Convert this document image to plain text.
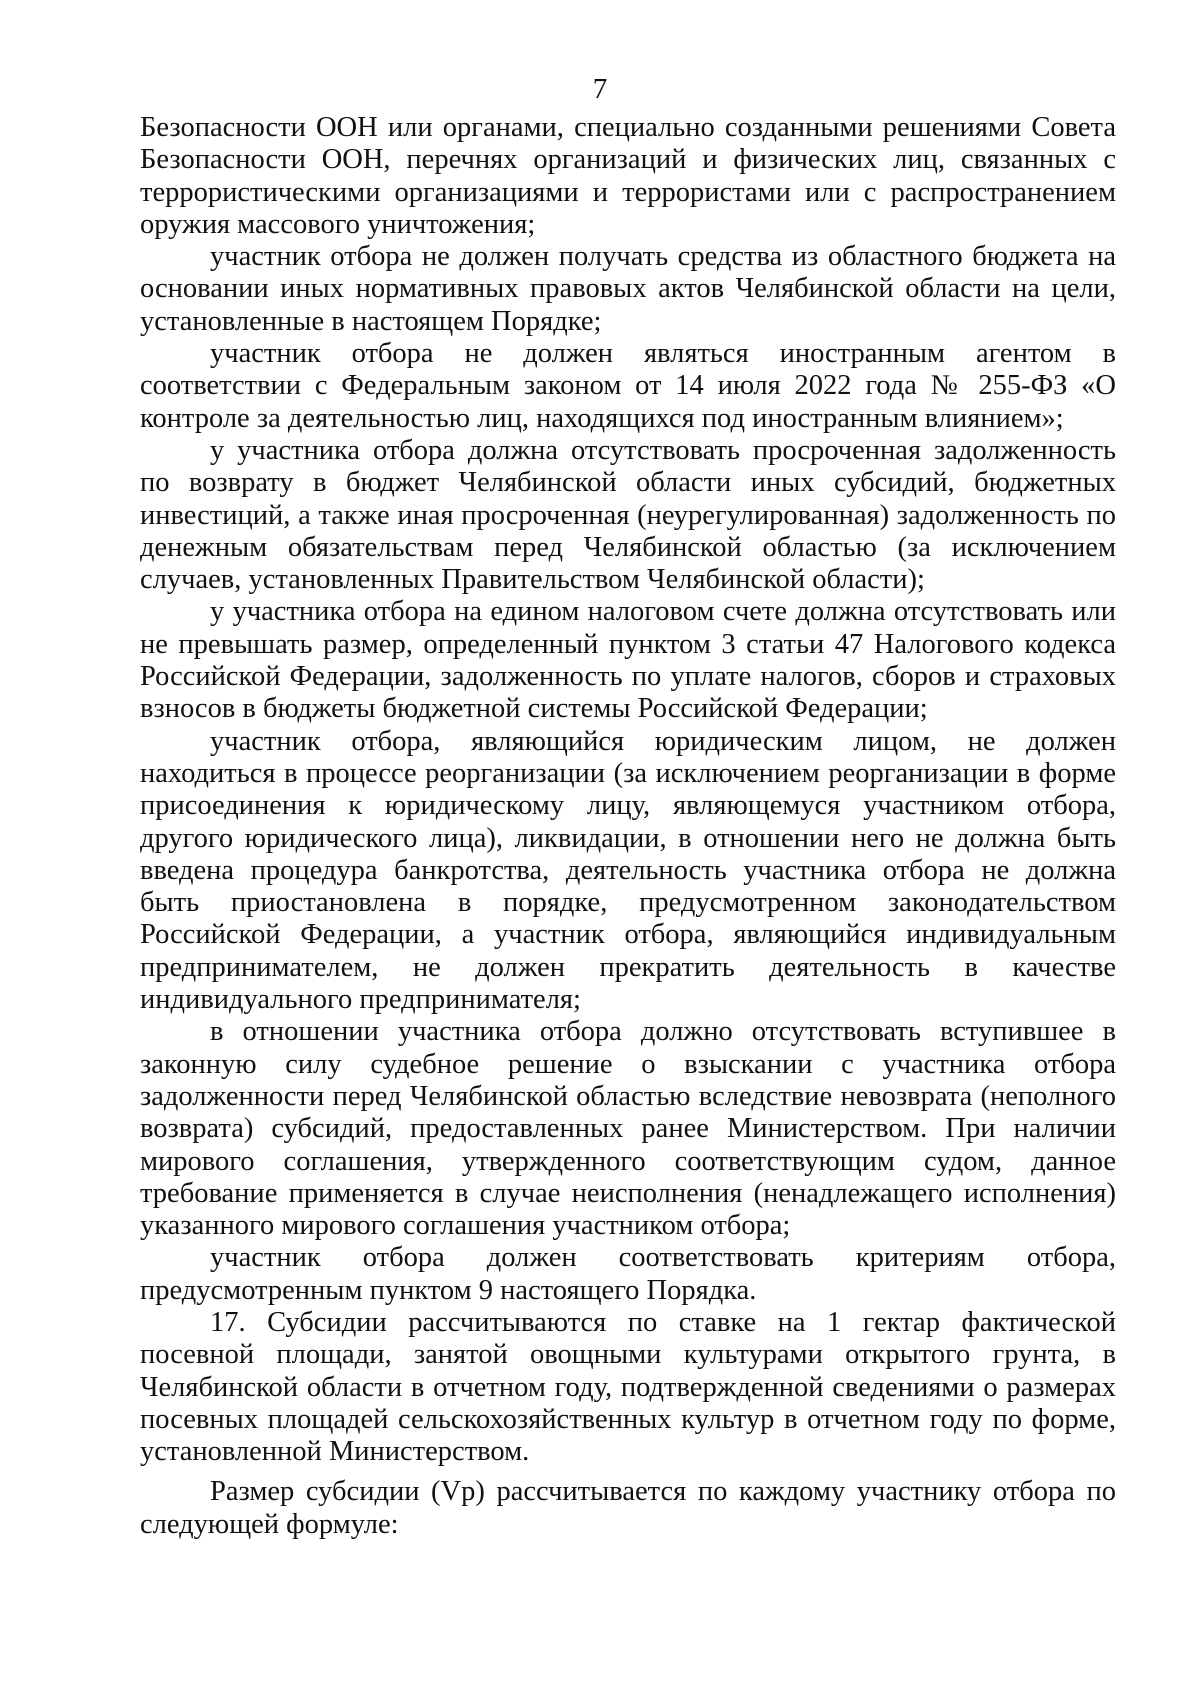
7

Безопасности ООН или органами, специально созданными решениями Совета Безопасности ООН, перечнях организаций и физических лиц, связанных с террористическими организациями и террористами или с распространением оружия массового уничтожения;

участник отбора не должен получать средства из областного бюджета на основании иных нормативных правовых актов Челябинской области на цели, установленные в настоящем Порядке;

участник отбора не должен являться иностранным агентом в соответствии с Федеральным законом от 14 июля 2022 года № 255-ФЗ «О контроле за деятельностью лиц, находящихся под иностранным влиянием»;

у участника отбора должна отсутствовать просроченная задолженность по возврату в бюджет Челябинской области иных субсидий, бюджетных инвестиций, а также иная просроченная (неурегулированная) задолженность по денежным обязательствам перед Челябинской областью (за исключением случаев, установленных Правительством Челябинской области);

у участника отбора на едином налоговом счете должна отсутствовать или не превышать размер, определенный пунктом 3 статьи 47 Налогового кодекса Российской Федерации, задолженность по уплате налогов, сборов и страховых взносов в бюджеты бюджетной системы Российской Федерации;

участник отбора, являющийся юридическим лицом, не должен находиться в процессе реорганизации (за исключением реорганизации в форме присоединения к юридическому лицу, являющемуся участником отбора, другого юридического лица), ликвидации, в отношении него не должна быть введена процедура банкротства, деятельность участника отбора не должна быть приостановлена в порядке, предусмотренном законодательством Российской Федерации, а участник отбора, являющийся индивидуальным предпринимателем, не должен прекратить деятельность в качестве индивидуального предпринимателя;

в отношении участника отбора должно отсутствовать вступившее в законную силу судебное решение о взыскании с участника отбора задолженности перед Челябинской областью вследствие невозврата (неполного возврата) субсидий, предоставленных ранее Министерством. При наличии мирового соглашения, утвержденного соответствующим судом, данное требование применяется в случае неисполнения (ненадлежащего исполнения) указанного мирового соглашения участником отбора;

участник отбора должен соответствовать критериям отбора, предусмотренным пунктом 9 настоящего Порядка.

17. Субсидии рассчитываются по ставке на 1 гектар фактической посевной площади, занятой овощными культурами открытого грунта, в Челябинской области в отчетном году, подтвержденной сведениями о размерах посевных площадей сельскохозяйственных культур в отчетном году по форме, установленной Министерством.

Размер субсидии (Vp) рассчитывается по каждому участнику отбора по следующей формуле:
